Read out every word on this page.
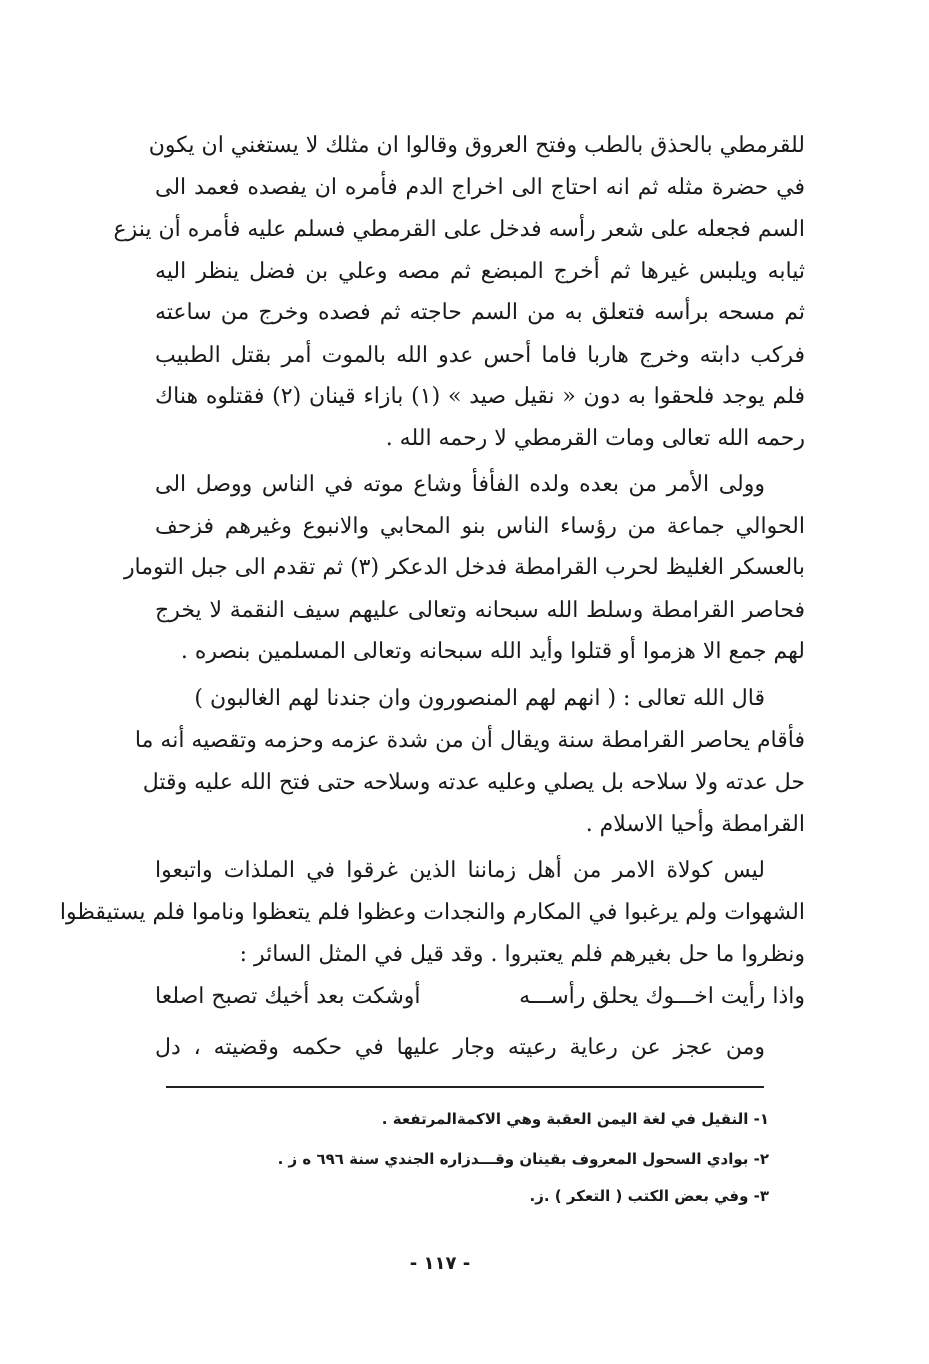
للقرمطي بالحذق بالطب وفتح العروق وقالوا ان مثلك لا يستغني ان يكون
في حضرة مثله ثم انه احتاج الى اخراج الدم فأمره ان يفصده فعمد الى
السم فجعله على شعر رأسه فدخل على القرمطي فسلم عليه فأمره أن ينزع
ثيابه ويلبس غيرها ثم أخرج المبضع ثم مصه وعلي بن فضل ينظر اليه
ثم مسحه برأسه فتعلق به من السم حاجته ثم فصده وخرج من ساعته
فركب دابته وخرج هاربا فاما أحس عدو الله بالموت أمر بقتل الطبيب
فلم يوجد فلحقوا به دون « نقيل صيد » (١) بازاء قينان (٢) فقتلوه هناك
رحمه الله تعالى ومات القرمطي لا رحمه الله .
وولى الأمر من بعده ولده الفأفأ وشاع موته في الناس ووصل الى
الحوالي جماعة من رؤساء الناس بنو المحابي والانبوع وغيرهم فزحف
بالعسكر الغليظ لحرب القرامطة فدخل الدعكر (٣) ثم تقدم الى جبل التومار
فحاصر القرامطة وسلط الله سبحانه وتعالى عليهم سيف النقمة لا يخرج
لهم جمع الا هزموا أو قتلوا وأيد الله سبحانه وتعالى المسلمين بنصره .
قال الله تعالى : ( انهم لهم المنصورون وان جندنا لهم الغالبون )
فأقام يحاصر القرامطة سنة ويقال أن من شدة عزمه وحزمه وتقصيه أنه ما
حل عدته ولا سلاحه بل يصلي وعليه عدته وسلاحه حتى فتح الله عليه وقتل
القرامطة وأحيا الاسلام .
ليس كولاة الامر من أهل زماننا الذين غرقوا في الملذات واتبعوا
الشهوات ولم يرغبوا في المكارم والنجدات وعظوا فلم يتعظوا وناموا فلم يستيقظوا
ونظروا ما حل بغيرهم فلم يعتبروا . وقد قيل في المثل السائر :
واذا رأيت اخـــوك يحلق رأســـه
أوشكت بعد أخيك تصبح اصلعا
ومن عجز عن رعاية رعيته وجار عليها في حكمه وقضيته ، دل
١- النقيل في لغة اليمن العقبة وهي الاكمةالمرتفعة .
٢- بوادي السحول المعروف بقينان وقـــدزاره الجندي سنة ٦٩٦ ه ز .
٣- وفي بعض الكتب ( التعكر ) .ز.
- ١١٧ -
